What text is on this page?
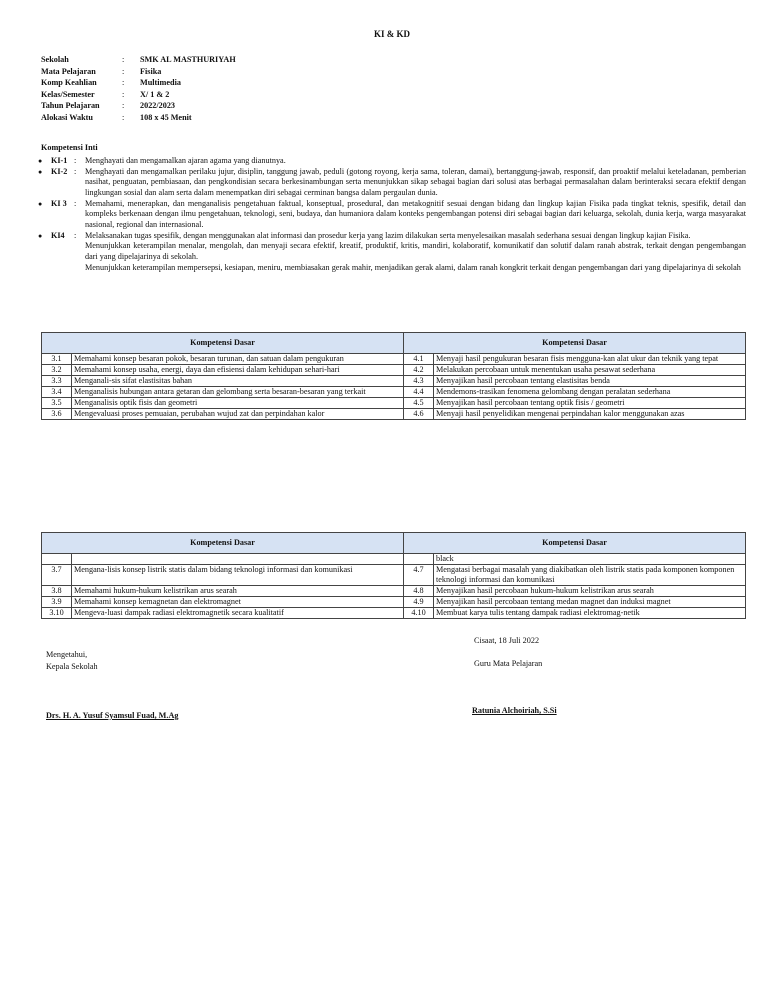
KI & KD
Sekolah	:	SMK AL MASTHURIYAH
Mata Pelajaran	:	Fisika
Komp Keahlian	:	Multimedia
Kelas/Semester	:	X/ 1 & 2
Tahun Pelajaran	:	2022/2023
Alokasi Waktu	:	108 x 45 Menit
Kompetensi Inti
●	KI-1 :	Menghayati dan mengamalkan ajaran agama yang dianutnya.
●	KI-2 :	Menghayati dan mengamalkan perilaku jujur, disiplin, tanggung jawab, peduli (gotong royong, kerja sama, toleran, damai), bertanggung-jawab, responsif, dan proaktif melalui keteladanan, pemberian nasihat, penguatan, pembiasaan, dan pengkondisian secara berkesinambungan serta menunjukkan sikap sebagai bagian dari solusi atas berbagai permasalahan dalam berinteraksi secara efektif dengan lingkungan sosial dan alam serta dalam menempatkan diri sebagai cerminan bangsa dalam pergaulan dunia.
●	KI 3 :	Memahami, menerapkan, dan menganalisis pengetahuan faktual, konseptual, prosedural, dan metakognitif sesuai dengan bidang dan lingkup kajian Fisika pada tingkat teknis, spesifik, detail dan kompleks berkenaan dengan ilmu pengetahuan, teknologi, seni, budaya, dan humaniora dalam konteks pengembangan potensi diri sebagai bagian dari keluarga, sekolah, dunia kerja, warga masyarakat nasional, regional dan internasional.
●	KI4	:	Melaksanakan tugas spesifik, dengan menggunakan alat informasi dan prosedur kerja yang lazim dilakukan serta menyelesaikan masalah sederhana sesuai dengan lingkup kajian Fisika.
Menunjukkan keterampilan menalar, mengolah, dan menyaji secara efektif, kreatif, produktif, kritis, mandiri, kolaboratif, komunikatif dan solutif dalam ranah abstrak, terkait dengan pengembangan dari yang dipelajarinya di sekolah.
Menunjukkan keterampilan mempersepsi, kesiapan, meniru, membiasakan gerak mahir, menjadikan gerak alami, dalam ranah kongkrit terkait dengan pengembangan dari yang dipelajarinya di sekolah
Kompetensi Dasar		Kompetensi Dasar	
3.1	Memahami konsep besaran pokok, besaran turunan, dan satuan dalam pengukuran	4.1	Menyaji hasil pengukuran besaran fisis mengguna-kan alat ukur dan teknik yang tepat
3.2	Memahami konsep usaha, energi, daya dan efisiensi dalam kehidupan sehari-hari	4.2	Melakukan percobaan untuk menentukan usaha pesawat sederhana
3.3	Menganali-sis sifat elastisitas bahan	4.3	Menyajikan hasil percobaan tentang elastisitas benda
3.4	Menganalisis hubungan antara getaran dan gelombang serta besaran-besaran yang terkait	4.4	Mendemons-trasikan fenomena gelombang dengan peralatan sederhana
3.5	Menganalisis optik fisis dan geometri	4.5	Menyajikan hasil percobaan tentang optik fisis / geometri
3.6	Mengevaluasi proses pemuaian, perubahan wujud zat dan perpindahan kalor	4.6	Menyaji hasil penyelidikan mengenai perpindahan kalor menggunakan azas
Kompetensi Dasar		Kompetensi Dasar	
			black
3.7	Mengana-lisis konsep listrik statis dalam bidang teknologi informasi dan komunikasi	4.7	Mengatasi berbagai masalah yang diakibatkan oleh listrik statis pada komponen komponen teknologi informasi dan komunikasi
3.8	Memahami hukum-hukum kelistrikan arus searah	4.8	Menyajikan hasil percobaan hukum-hukum kelistrikan arus searah
3.9	Memahami konsep kemagnetan dan elektromagnet	4.9	Menyajikan hasil percobaan tentang medan magnet dan induksi magnet
3.10	Mengeva-luasi dampak radiasi elektromagnetik secara kualitatif	4.10	Membuat karya tulis tentang dampak radiasi elektromag-netik
Cisaat, 18 Juli 2022
Mengetahui,
Kepala Sekolah	Guru Mata Pelajaran
Drs. H. A. Yusuf Syamsul Fuad, M.Ag
Ratunia Alchoiriah, S.Si
